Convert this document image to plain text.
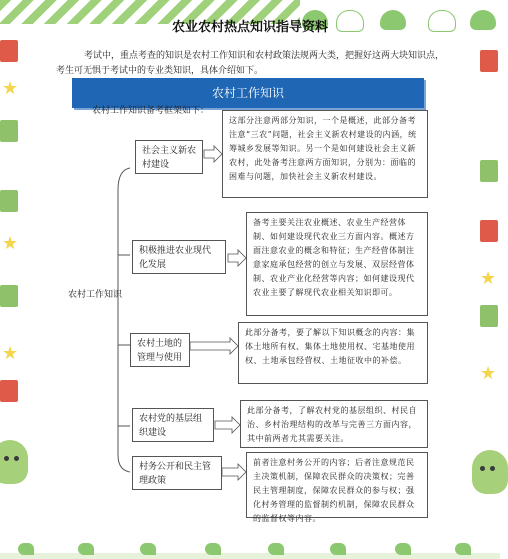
★
★
★
★
★
农业农村热点知识指导资料
考试中，重点考查的知识是农村工作知识和农村政策法规两大类，把握好这两大块知识点，考生可无惧于考试中的专业类知识，具体介绍如下。
农村工作知识
农村工作知识备考框架如下：
农村工作知识
社会主义新农村建设
这部分注意两部分知识，一个是概述，此部分备考注意“三农”问题，社会主义新农村建设的内涵，统筹城乡发展等知识。另一个是如何建设社会主义新农村，此处备考注意两方面知识，分别为：面临的困难与问题，加快社会主义新农村建设。
积极推进农业现代化发展
备考主要关注农业概述、农业生产经营体制、如何建设现代农业三方面内容。概述方面注意农业的概念和特征；生产经营体制注意家庭承包经营的创立与发展、双层经营体制、农业产业化经营等内容；如何建设现代农业主要了解现代农业相关知识即可。
农村土地的管理与使用
此部分备考，要了解以下知识概念的内容：集体土地所有权、集体土地使用权、宅基地使用权、土地承包经营权、土地征收中的补偿。
农村党的基层组织建设
此部分备考，了解农村党的基层组织、村民自治、乡村治理结构的改革与完善三方面内容，其中前两者尤其需要关注。
村务公开和民主管理政策
前者注意村务公开的内容；后者注意规范民主决策机制，保障农民群众的决策权；完善民主管理制度，保障农民群众的参与权；强化村务管理的监督制约机制，保障农民群众的监督权等内容。
